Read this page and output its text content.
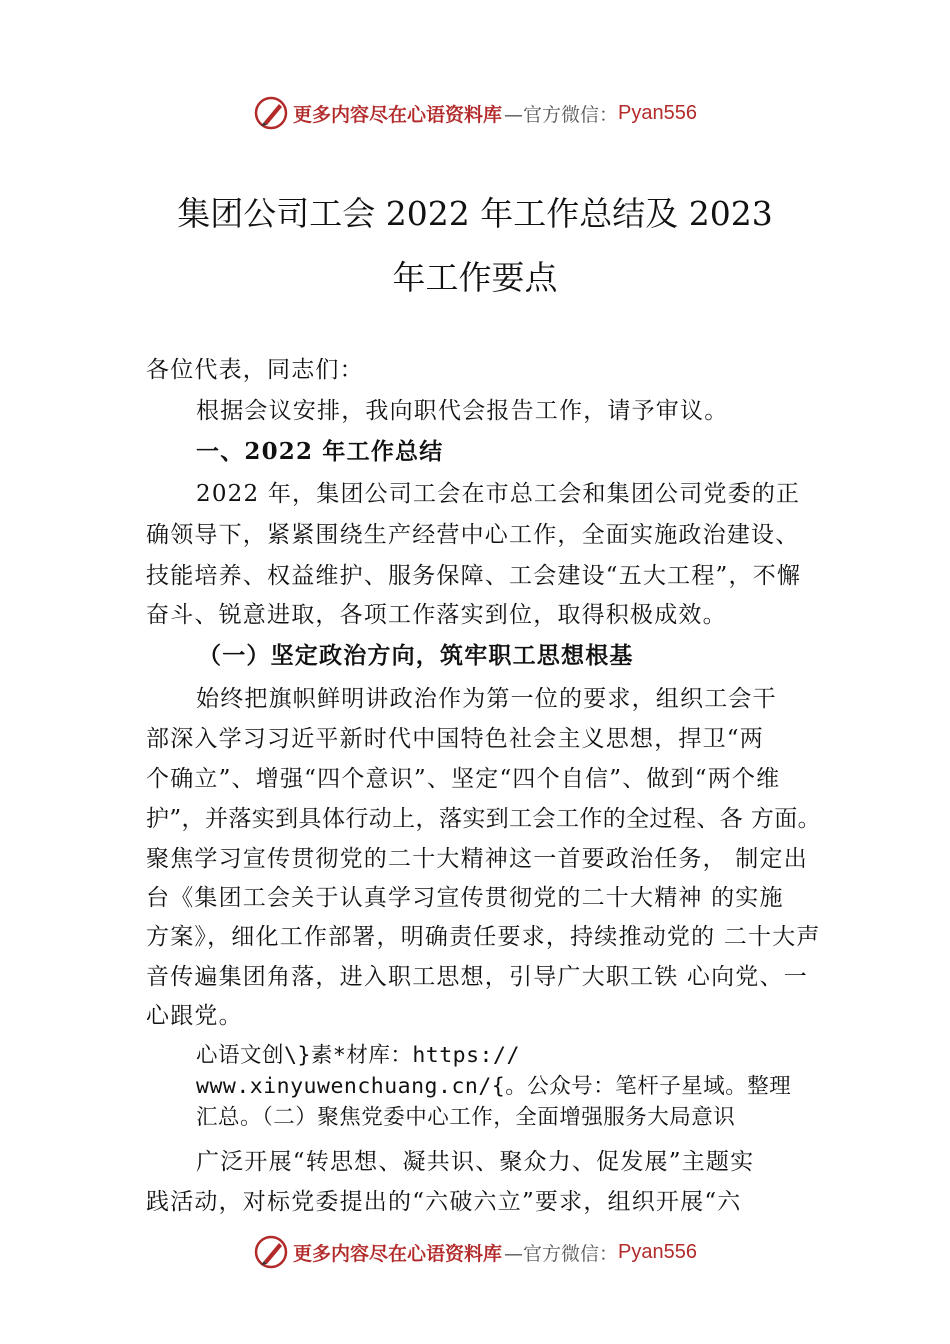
更多内容尽在心语资料库 —官方微信： Pyan556
集团公司工会 2022 年工作总结及 2023
年工作要点

各位代表，同志们：

根据会议安排，我向职代会报告工作，请予审议。

一、2022 年工作总结

2022 年，集团公司工会在市总工会和集团公司党委的正

确领导下，紧紧围绕生产经营中心工作，全面实施政治建设、

技能培养、权益维护、服务保障、工会建设“五大工程”，不懈

奋斗、锐意进取，各项工作落实到位，取得积极成效。

（一）坚定政治方向，筑牢职工思想根基

始终把旗帜鲜明讲政治作为第一位的要求，组织工会干

部深入学习习近平新时代中国特色社会主义思想，捍卫“两

个确立”、增强“四个意识”、坚定“四个自信”、做到“两个维

护”，并落实到具体行动上，落实到工会工作的全过程、各 方面。

聚焦学习宣传贯彻党的二十大精神这一首要政治任务， 制定出

台《集团工会关于认真学习宣传贯彻党的二十大精神 的实施

方案》，细化工作部署，明确责任要求，持续推动党的 二十大声

音传遍集团角落，进入职工思想，引导广大职工铁 心向党、一

心跟党。

心语文创\}素*材库：https://

www.xinyuwenchuang.cn/{。公众号：笔杆子星域。整理

汇总。（二）聚焦党委中心工作，全面增强服务大局意识

广泛开展“转思想、凝共识、聚众力、促发展”主题实

践活动，对标党委提出的“六破六立”要求，组织开展“六

更多内容尽在心语资料库 —官方微信： Pyan556
